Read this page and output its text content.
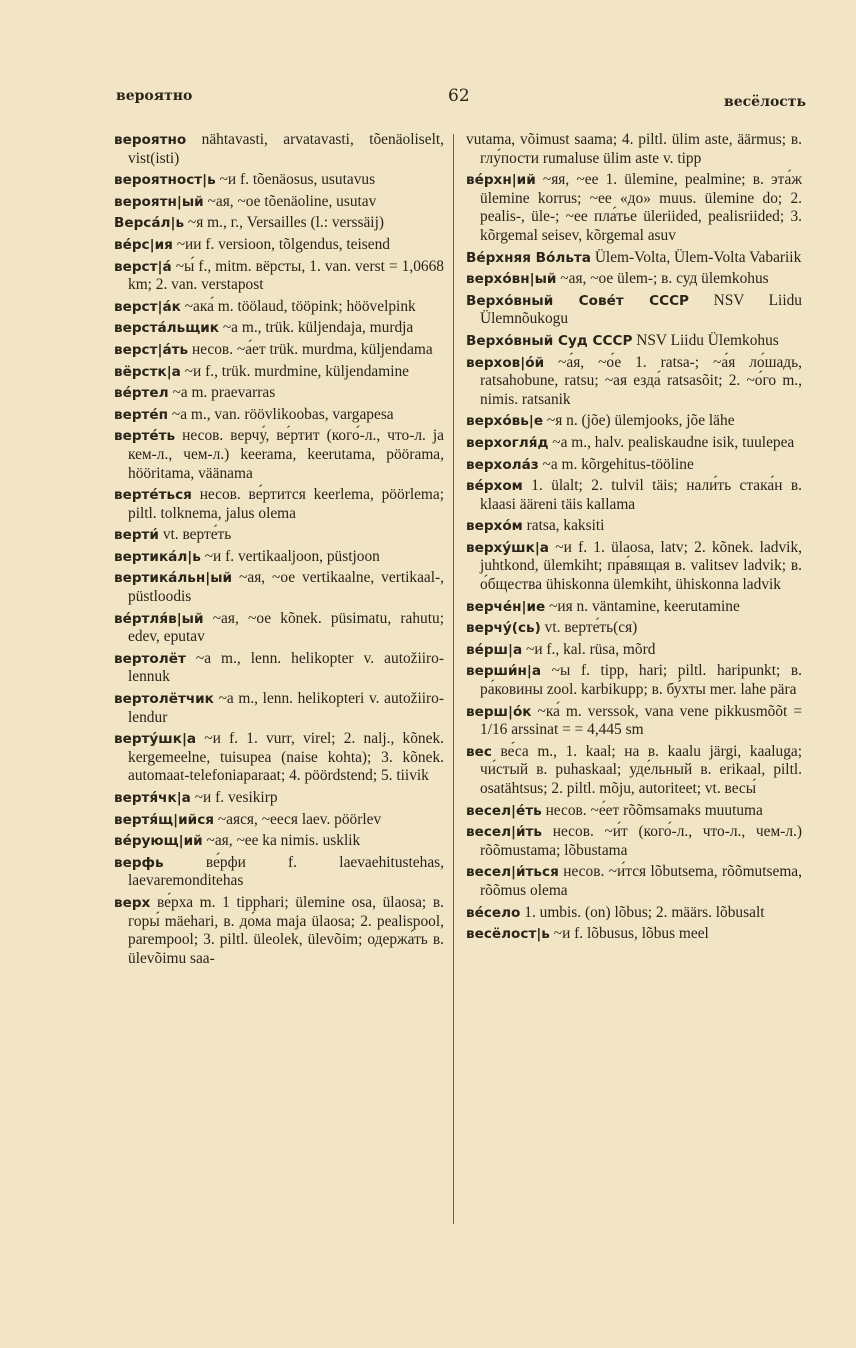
вероятно	62	весёлость

вероятно nähtavasti, arvatavasti, tõenäoliselt, vist(isti)

вероятност|ь ~и f. tõenäosus, usutavus

вероятн|ый ~ая, ~ое tõenäoline, usutav

Верса́л|ь ~я m., г., Versailles (l.: verssäij)

ве́рс|ия ~ии f. versioon, tõlgendus, teisend

верст|а́ ~ы́ f., mitm. вёрсты, 1. van. verst = 1,0668 km; 2. van. verstapost

верст|а́к ~ака́ m. töölaud, tööpink; höövelpink

верста́льщик ~а m., trük. küljendaja, murdja

верст|а́ть несов. ~а́ет trük. murdma, küljendama

вёрстк|а ~и f., trük. murdmine, küljendamine

ве́ртел ~а m. praevarras

верте́п ~а m., van. röövlikoobas, vargapesa

верте́ть несов. верчу́, ве́ртит (кого́-л., что-л. ja кем-л., чем-л.) keerama, keerutama, pöörama, hööritama, väänama

верте́ться несов. ве́ртится keerlema, pöörlema; piltl. tolknema, jalus olema

верти́ vt. верте́ть

вертика́л|ь ~и f. vertikaaljoon, püstjoon

вертика́льн|ый ~ая, ~ое vertikaalne, vertikaal-, püstloodis

ве́ртля́в|ый ~ая, ~ое kõnek. püsimatu, rahutu; edev, eputav

вертолёт ~а m., lenn. helikopter v. autožiiro-lennuk

вертолётчик ~а m., lenn. helikopteri v. autožiiro-lendur

верту́шк|а ~и f. 1. vurr, virel; 2. nalj., kõnek. kergemeelne, tuisupea (naise kohta); 3. kõnek. automaat-telefoniaparaat; 4. pöördstend; 5. tiivik

вертя́чк|а ~и f. vesikirp

вертя́щ|ийся ~аяся, ~ееся laev. pöörlev

ве́рующ|ий ~ая, ~ее ka nimis. usklik

верфь ве́рфи f. laevaehitustehas, laevaremonditehas

верх ве́рха m. 1 tipphari; ülemine osa, ülaosa; в. горы́ mäehari, в. до́ма maja ülaosa; 2. pealispool, parempool; 3. piltl. üleolek, ülevõim; одержа́ть в. ülevõimu saa-

vutama, võimust saama; 4. piltl. ülim aste, äärmus; в. глу́пости rumaluse ülim aste v. tipp

ве́рхн|ий ~яя, ~ее 1. ülemine, pealmine; в. эта́ж ülemine korrus; ~ее «до» muus. ülemine do; 2. pealis-, üle-; ~ее пла́тье üleriided, pealisriided; 3. kõrgemal seisev, kõrgemal asuv

Ве́рхняя Во́льта Ülem-Volta, Ülem-Volta Vabariik

верхо́вн|ый ~ая, ~ое ülem-; в. суд ülemkohus

Верхо́вный Сове́т СССР NSV Liidu Ülemnõukogu

Верхо́вный Суд СССР NSV Liidu Ülemkohus

верхов|о́й ~а́я, ~о́е 1. ratsa-; ~а́я ло́шадь, ratsahobune, ratsu; ~ая езда́ ratsasõit; 2. ~о́го m., nimis. ratsanik

верхо́вь|е ~я n. (jõe) ülemjooks, jõe lähe

верхогля́д ~а m., halv. pealiskaudne isik, tuulepea

верхола́з ~а m. kõrgehitus-tööline

ве́рхом 1. ülalt; 2. tulvil täis; нали́ть стака́н в. klaasi ääreni täis kallama

верхо́м ratsa, kaksiti

верху́шк|а ~и f. 1. ülaosa, latv; 2. kõnek. ladvik, juhtkond, ülemkiht; пра́вящая в. valitsev ladvik; в. о́бщества ühiskonna ülemkiht, ühiskonna ladvik

верче́н|ие ~ия n. väntamine, keerutamine

верчу́(сь) vt. верте́ть(ся)

ве́рш|а ~и f., kal. rüsa, mõrd

верши́н|а ~ы f. tipp, hari; piltl. haripunkt; в. ра́ковины zool. karbikupp; в. бу́хты mer. lahe pära

верш|о́к ~ка́ m. verssok, vana vene pikkusmõõt = 1/16 arssinat = = 4,445 sm

вес ве́са m., 1. kaal; на в. kaalu järgi, kaaluga; чи́стый в. puhaskaal; уде́льный в. erikaal, piltl. osatähtsus; 2. piltl. mõju, autoriteet; vt. весы́

весел|е́ть несов. ~е́ет rõõmsamaks muutuma

весел|и́ть несов. ~и́т (кого́-л., что-л., чем-л.) rõõmustama; lõbustama

весел|и́ться несов. ~и́тся lõbutsema, rõõmutsema, rõõmus olema

ве́село 1. umbis. (on) lõbus; 2. määrs. lõbusalt

весёлост|ь ~и f. lõbusus, lõbus meel
